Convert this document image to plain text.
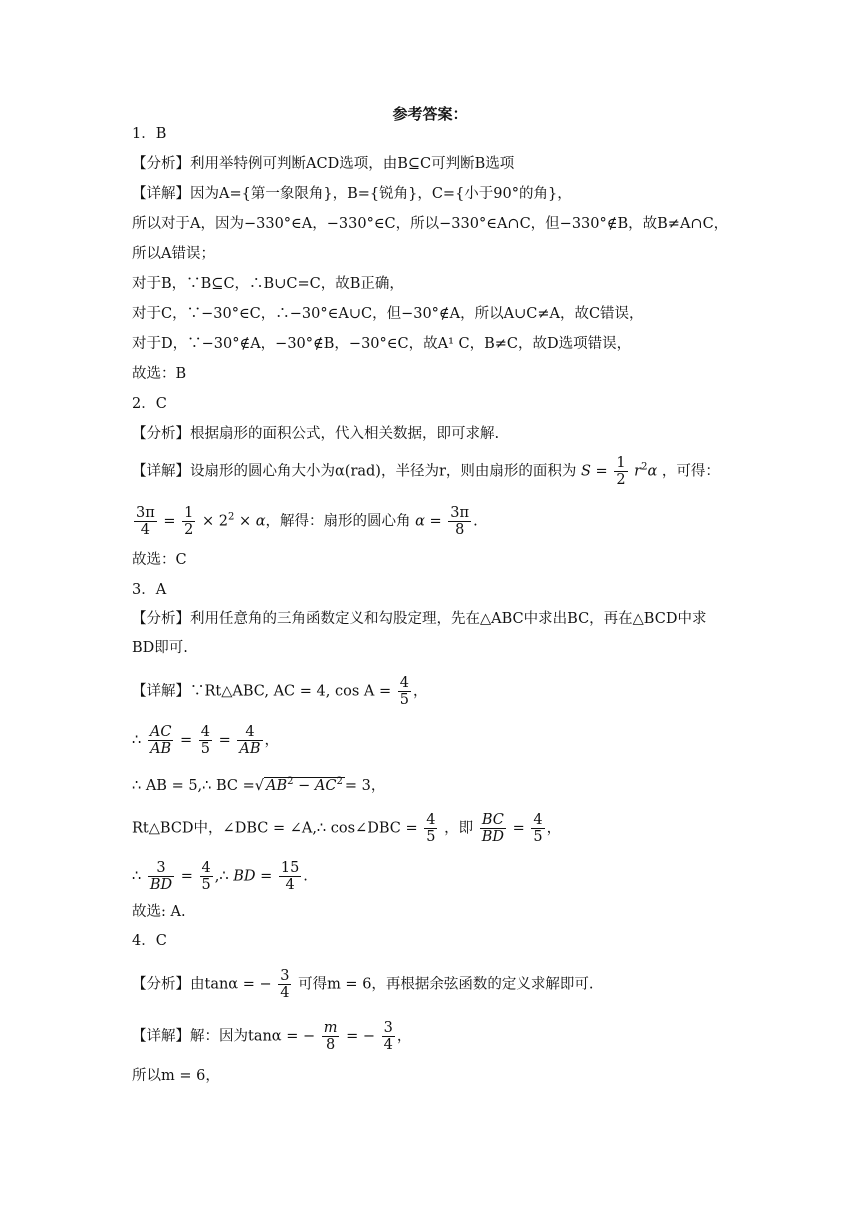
参考答案：
1．B
【分析】利用举特例可判断ACD选项，由B⊆C可判断B选项
【详解】因为A={第一象限角}，B={锐角}，C={小于90°的角}，
所以对于A，因为−330°∈A，−330°∈C，所以−330°∈A∩C，但−330°∉B，故B≠A∩C，
所以A错误；
对于B，∵B⊆C，∴B∪C=C，故B正确，
对于C，∵−30°∈C，∴−30°∈A∪C，但−30°∉A，所以A∪C≠A，故C错误，
对于D，∵−30°∉A，−30°∉B，−30°∈C，故A¹ C，B≠C，故D选项错误，
故选：B
2．C
【分析】根据扇形的面积公式，代入相关数据，即可求解.
【详解】设扇形的圆心角大小为α(rad)，半径为r，则由扇形的面积为 $S = \frac{1}{2} r^2\alpha$ ，可得：
$\frac{3\pi}{4} = \frac{1}{2} \times 2^2 \times \alpha$，解得：扇形的圆心角 $\alpha = \frac{3\pi}{8}$ .
故选：C
3．A
【分析】利用任意角的三角函数定义和勾股定理，先在△ABC中求出BC，再在△BCD中求
BD即可.
【详解】∵Rt△ABC, AC = 4, $\cos A = \frac{4}{5}$ ，
∴ $\frac{AC}{AB} = \frac{4}{5} = \frac{4}{AB}$ ，
∴ AB = 5,∴ BC =√ $AB^2 - AC^2 = 3$，
Rt△BCD中，∠DBC = ∠A,∴ cos∠DBC = $\frac{4}{5}$ ，即 $\frac{BC}{BD} = \frac{4}{5}$ ，
∴ $\frac{3}{BD} = \frac{4}{5}$ ,∴ BD = $\frac{15}{4}$ .
故选: A.
4．C
【分析】由tanα = − $\frac{3}{4}$ 可得m = 6，再根据余弦函数的定义求解即可.
【详解】解：因为tanα = − $\frac{m}{8}$ = − $\frac{3}{4}$ ，
所以m = 6，
